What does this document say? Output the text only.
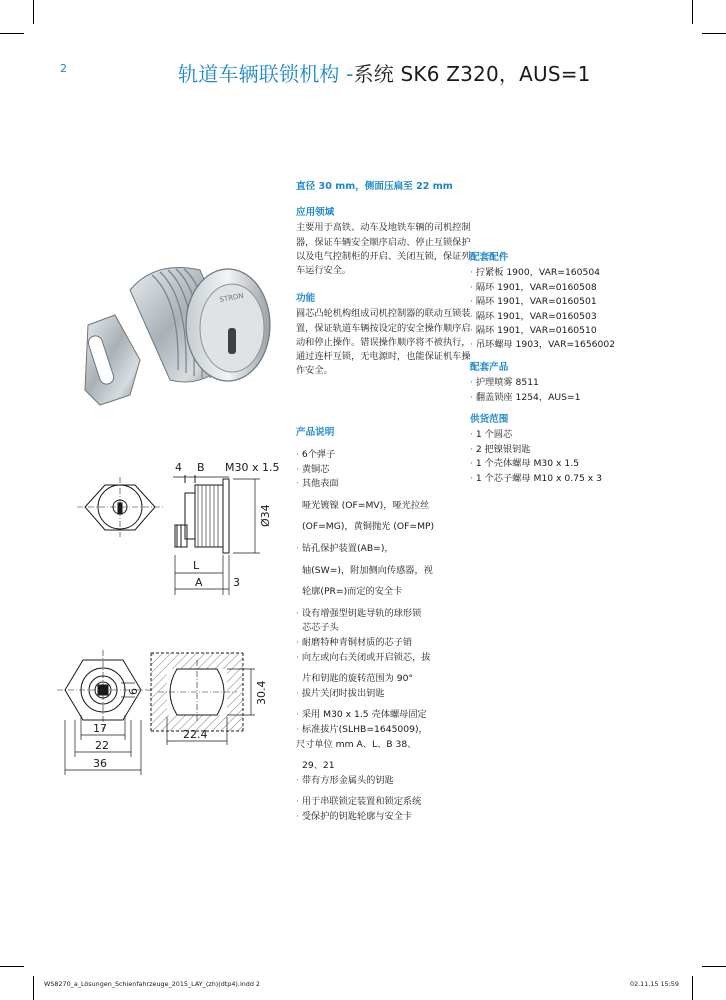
2	轨道车辆联锁机构 -系统 SK6 Z320，AUS=1
STRON
直径 30 mm，侧面压扁至 22 mm
应用领域
主要用于高铁、动车及地铁车辆的司机控制器，保证车辆安全顺序启动、停止互锁保护以及电气控制柜的开启、关闭互锁，保证列车运行安全。
功能
圆芯凸轮机构组成司机控制器的联动互锁装置，保证轨道车辆按设定的安全操作顺序启动和停止操作。错误操作顺序将不被执行，通过连杆互锁，无电源时，也能保证机车操作安全。
产品说明
· 6个弹子
· 黄铜芯
· 其他表面
哑光镀镍 (OF=MV)，哑光拉丝
(OF=MG)，黄铜抛光 (OF=MP)
· 钻孔保护装置(AB=)，
轴(SW=)，附加侧向传感器，视
轮廓(PR=)而定的安全卡
· 设有增强型钥匙导轨的球形锁
芯芯子头
· 耐磨特种青铜材质的芯子销
· 向左或向右关闭或开启锁芯，拔
片和钥匙的旋转范围为 90°
· 拔片关闭时拔出钥匙
· 采用 M30 x 1.5 壳体螺母固定
· 标准拔片(SLHB=1645009)，
尺寸单位 mm A、L、B 38、
29、21
· 带有方形金属头的钥匙
· 用于串联锁定装置和锁定系统
· 受保护的钥匙轮廓与安全卡
配套配件
· 拧紧板 1900，VAR=160504
· 隔环 1901，VAR=0160508
· 隔环 1901，VAR=0160501
· 隔环 1901，VAR=0160503
· 隔环 1901，VAR=0160510
· 吊环螺母 1903，VAR=1656002
配套产品
· 护理喷雾 8511
· 翻盖锁座 1254，AUS=1
供货范围
· 1 个圆芯
· 2 把镍银钥匙
· 1 个壳体螺母 M30 x 1.5
· 1 个芯子螺母 M10 x 0.75 x 3
4 B M30 x 1.5
Ø34
L
A	3
6
17
22
36
30.4
22.4
WS8270_a_Lösungen_Schienfahrzeuge_2015_LAY_(zh)(dtp4).indd 2	02.11.15 15:59
